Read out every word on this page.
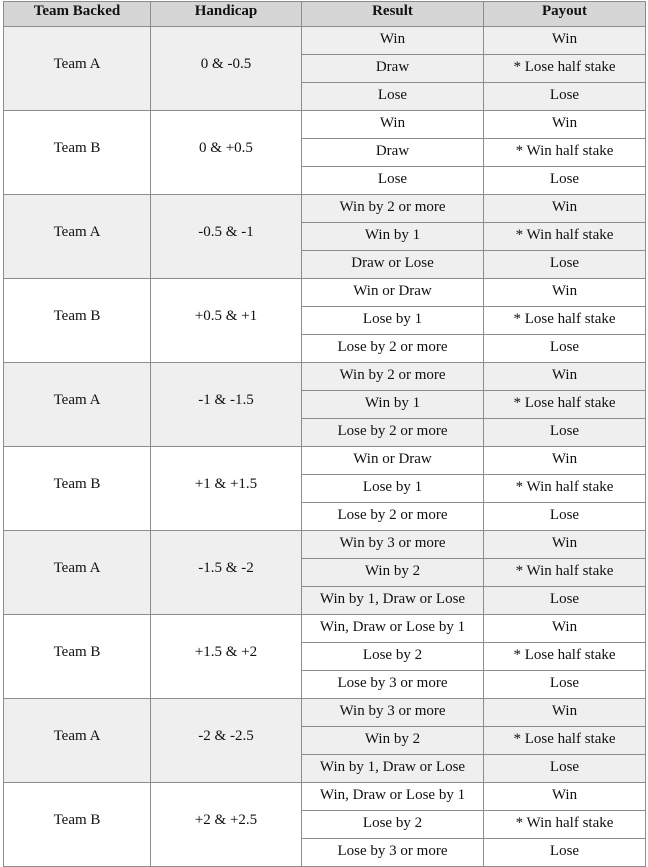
Team Backed	Handicap	Result	Payout
Team A	0 & -0.5	Win	Win
		Draw	* Lose half stake
		Lose	Lose
Team B	0 & +0.5	Win	Win
		Draw	* Win half stake
		Lose	Lose
Team A	-0.5 & -1	Win by 2 or more	Win
		Win by 1	* Win half stake
		Draw or Lose	Lose
Team B	+0.5 & +1	Win or Draw	Win
		Lose by 1	* Lose half stake
		Lose by 2 or more	Lose
Team A	-1 & -1.5	Win by 2 or more	Win
		Win by 1	* Lose half stake
		Lose by 2 or more	Lose
Team B	+1 & +1.5	Win or Draw	Win
		Lose by 1	* Win half stake
		Lose by 2 or more	Lose
Team A	-1.5 & -2	Win by 3 or more	Win
		Win by 2	* Win half stake
		Win by 1, Draw or Lose	Lose
Team B	+1.5 & +2	Win, Draw or Lose by 1	Win
		Lose by 2	* Lose half stake
		Lose by 3 or more	Lose
Team A	-2 & -2.5	Win by 3 or more	Win
		Win by 2	* Lose half stake
		Win by 1, Draw or Lose	Lose
Team B	+2 & +2.5	Win, Draw or Lose by 1	Win
		Lose by 2	* Win half stake
		Lose by 3 or more	Lose
